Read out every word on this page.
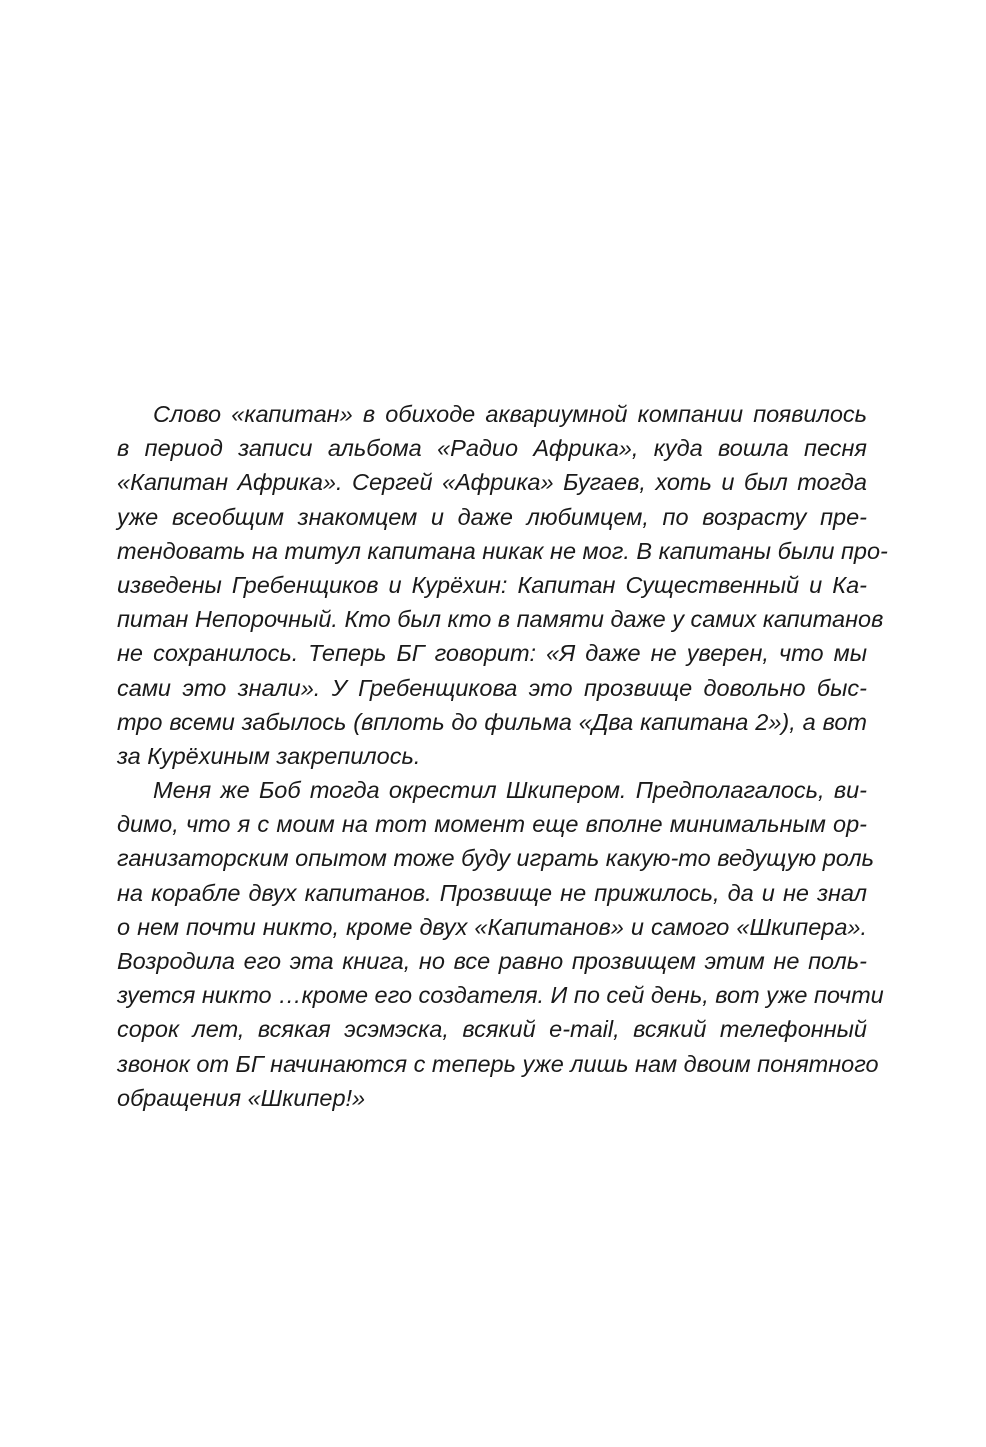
Слово «капитан» в обиходе аквариумной компании появилось
в период записи альбома «Радио Африка», куда вошла песня
«Капитан Африка». Сергей «Африка» Бугаев, хоть и был тогда
уже всеобщим знакомцем и даже любимцем, по возрасту пре-
тендовать на титул капитана никак не мог. В капитаны были про-
изведены Гребенщиков и Курёхин: Капитан Существенный и Ка-
питан Непорочный. Кто был кто в памяти даже у самих капитанов
не сохранилось. Теперь БГ говорит: «Я даже не уверен, что мы
сами это знали». У Гребенщикова это прозвище довольно быс-
тро всеми забылось (вплоть до фильма «Два капитана 2»), а вот
за Курёхиным закрепилось.
Меня же Боб тогда окрестил Шкипером. Предполагалось, ви-
димо, что я с моим на тот момент еще вполне минимальным ор-
ганизаторским опытом тоже буду играть какую-то ведущую роль
на корабле двух капитанов. Прозвище не прижилось, да и не знал
о нем почти никто, кроме двух «Капитанов» и самого «Шкипера».
Возродила его эта книга, но все равно прозвищем этим не поль-
зуется никто …кроме его создателя. И по сей день, вот уже почти
сорок лет, всякая эсэмэска, всякий e-mail, всякий телефонный
звонок от БГ начинаются с теперь уже лишь нам двоим понятного
обращения «Шкипер!»
